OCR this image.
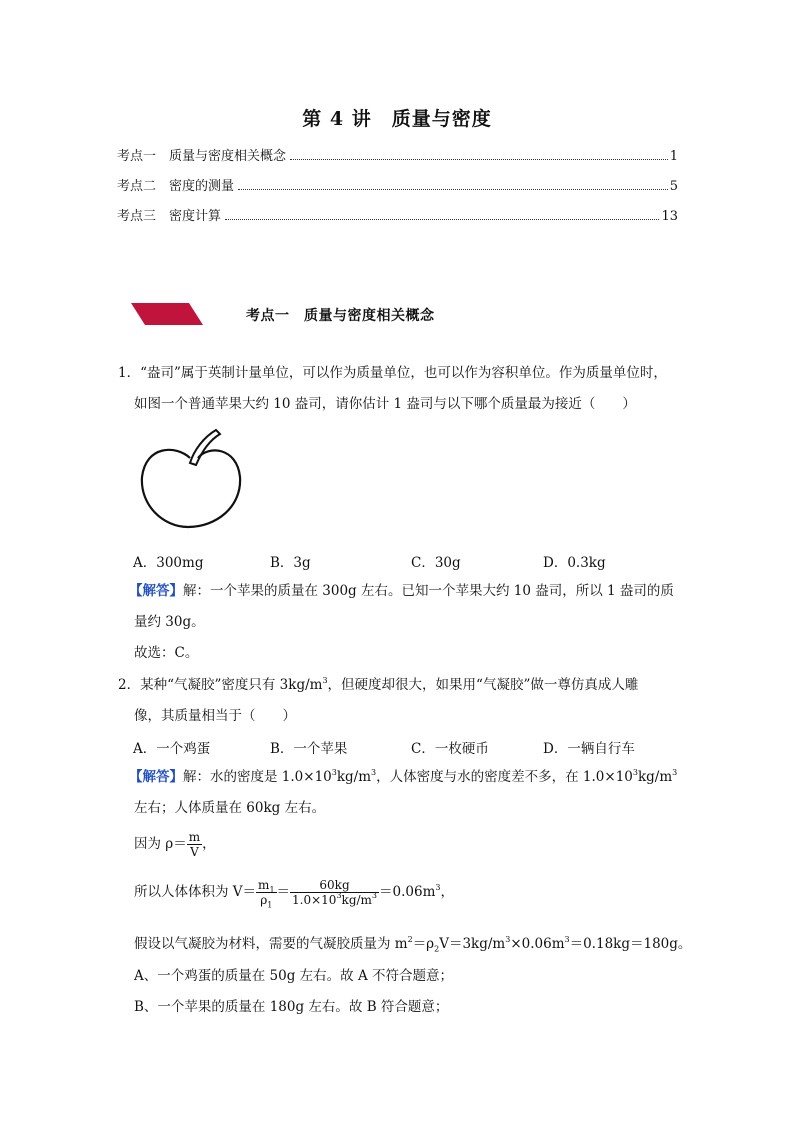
第 4 讲　质量与密度
考点一　质量与密度相关概念	1
考点二　密度的测量	5
考点三　密度计算	13
考点一　质量与密度相关概念
1．“盎司”属于英制计量单位，可以作为质量单位，也可以作为容积单位。作为质量单位时，
如图一个普通苹果大约 10 盎司，请你估计 1 盎司与以下哪个质量最为接近（　　）
A．300mg	B．3g	C．30g	D．0.3kg
【解答】解：一个苹果的质量在 300g 左右。已知一个苹果大约 10 盎司，所以 1 盎司的质
量约 30g。
故选：C。
2．某种“气凝胶”密度只有 $3kg/m^3$，但硬度却很大，如果用“气凝胶”做一尊仿真成人雕
像，其质量相当于（　　）
A．一个鸡蛋	B．一个苹果	C．一枚硬币	D．一辆自行车
【解答】解：水的密度是 $1.0\times 10^3kg/m^3$，人体密度与水的密度差不多，在 $1.0\times 10^3kg/m^3$
左右；人体质量在 60kg 左右。
因为 $\rho= \frac{m}{V}$ ，
所以人体体积为 $V= \frac{m_1}{\rho_1} = \frac{60kg}{1.0\times 10^3kg/m^3} =0.06m^3$，
假设以气凝胶为材料，需要的气凝胶质量为 $m^2=\rho_2V=3kg/m^3\times 0.06m^3=0.18kg=180g$。
A、一个鸡蛋的质量在 50g 左右。故 A 不符合题意；
B、一个苹果的质量在 180g 左右。故 B 符合题意；
